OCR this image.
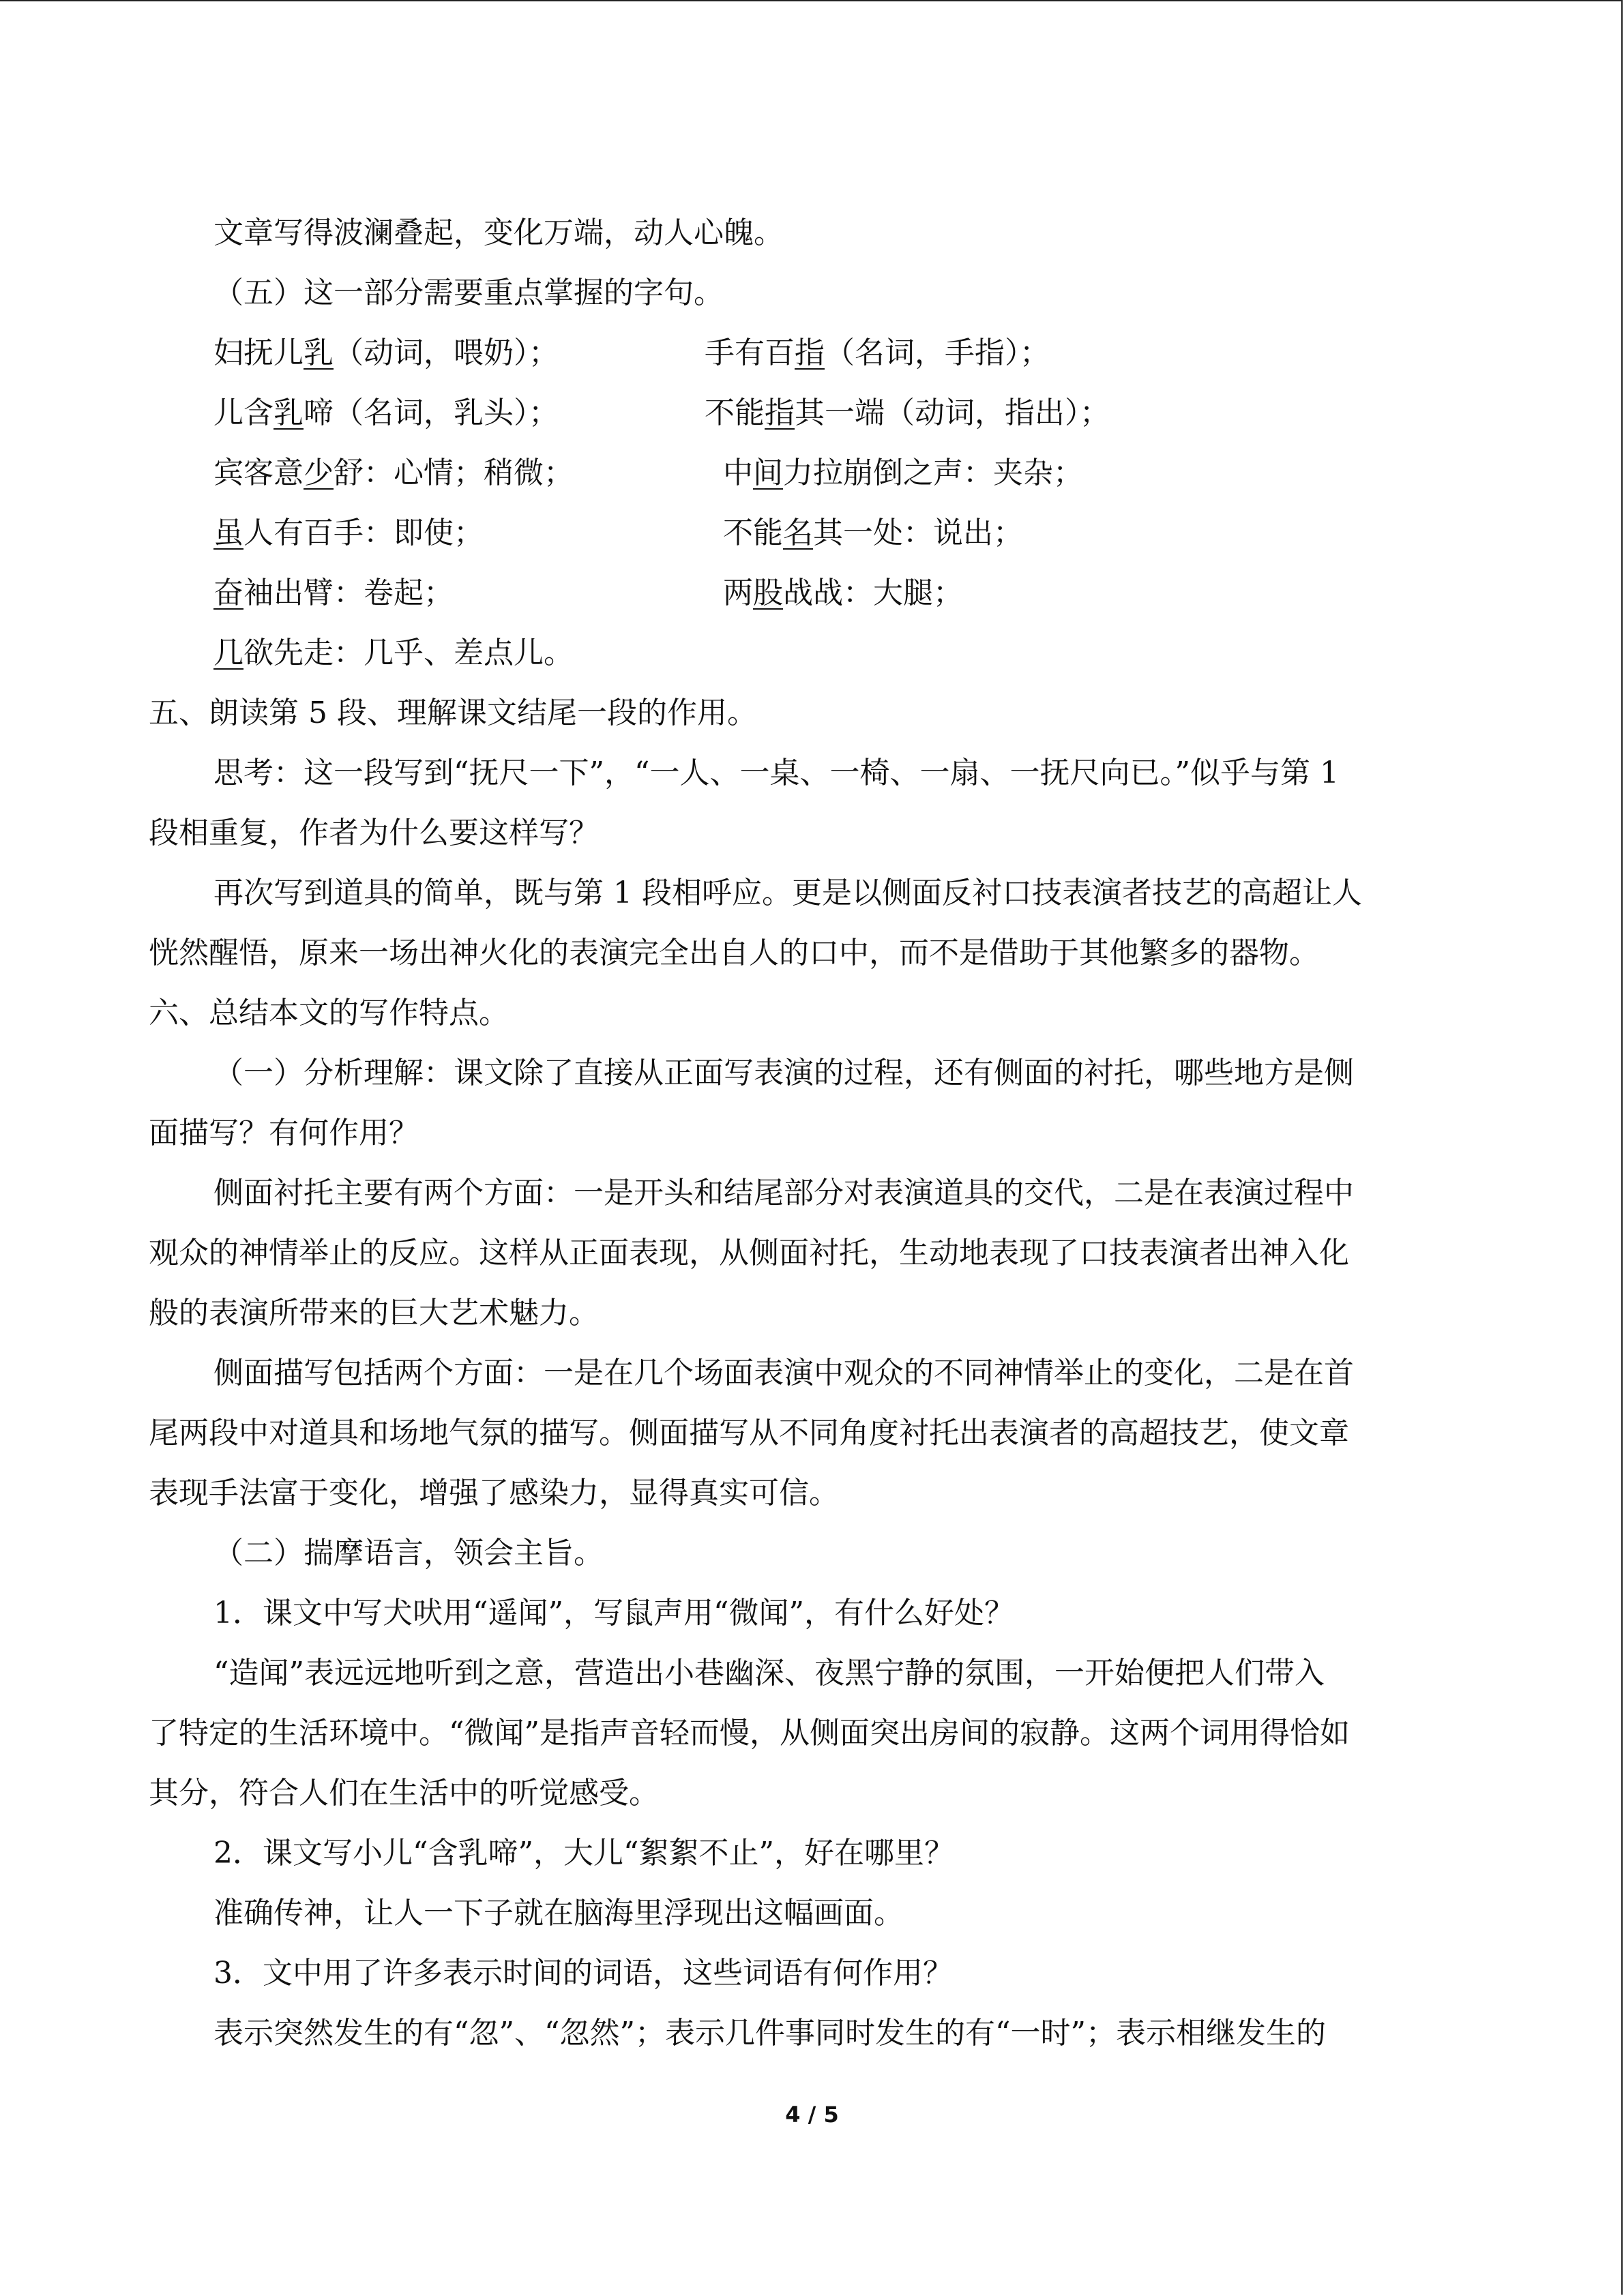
文章写得波澜叠起，变化万端，动人心魄。
（五）这一部分需要重点掌握的字句。
妇抚儿乳（动词，喂奶）；	手有百指（名词，手指）；
儿含乳啼（名词，乳头）；	不能指其一端（动词，指出）；
宾客意少舒：心情；稍微；	中间力拉崩倒之声：夹杂；
虽人有百手：即使；	不能名其一处：说出；
奋袖出臂：卷起；	两股战战：大腿；
几欲先走：几乎、差点儿。
五、朗读第 5 段、理解课文结尾一段的作用。
思考：这一段写到“抚尺一下”，“一人、一桌、一椅、一扇、一抚尺向已。”似乎与第 1
段相重复，作者为什么要这样写？
再次写到道具的简单，既与第 1 段相呼应。更是以侧面反衬口技表演者技艺的高超让人
恍然醒悟，原来一场出神火化的表演完全出自人的口中，而不是借助于其他繁多的器物。
六、总结本文的写作特点。
（一）分析理解：课文除了直接从正面写表演的过程，还有侧面的衬托，哪些地方是侧
面描写？有何作用？
侧面衬托主要有两个方面：一是开头和结尾部分对表演道具的交代，二是在表演过程中
观众的神情举止的反应。这样从正面表现，从侧面衬托，生动地表现了口技表演者出神入化
般的表演所带来的巨大艺术魅力。
侧面描写包括两个方面：一是在几个场面表演中观众的不同神情举止的变化，二是在首
尾两段中对道具和场地气氛的描写。侧面描写从不同角度衬托出表演者的高超技艺，使文章
表现手法富于变化，增强了感染力，显得真实可信。
（二）揣摩语言，领会主旨。
1．课文中写犬吠用“遥闻”，写鼠声用“微闻”，有什么好处？
“造闻”表远远地听到之意，营造出小巷幽深、夜黑宁静的氛围，一开始便把人们带入
了特定的生活环境中。“微闻”是指声音轻而慢，从侧面突出房间的寂静。这两个词用得恰如
其分，符合人们在生活中的听觉感受。
2．课文写小儿“含乳啼”，大儿“絮絮不止”，好在哪里？
准确传神，让人一下子就在脑海里浮现出这幅画面。
3．文中用了许多表示时间的词语，这些词语有何作用？
表示突然发生的有“忽”、“忽然”；表示几件事同时发生的有“一时”；表示相继发生的
4 / 5
